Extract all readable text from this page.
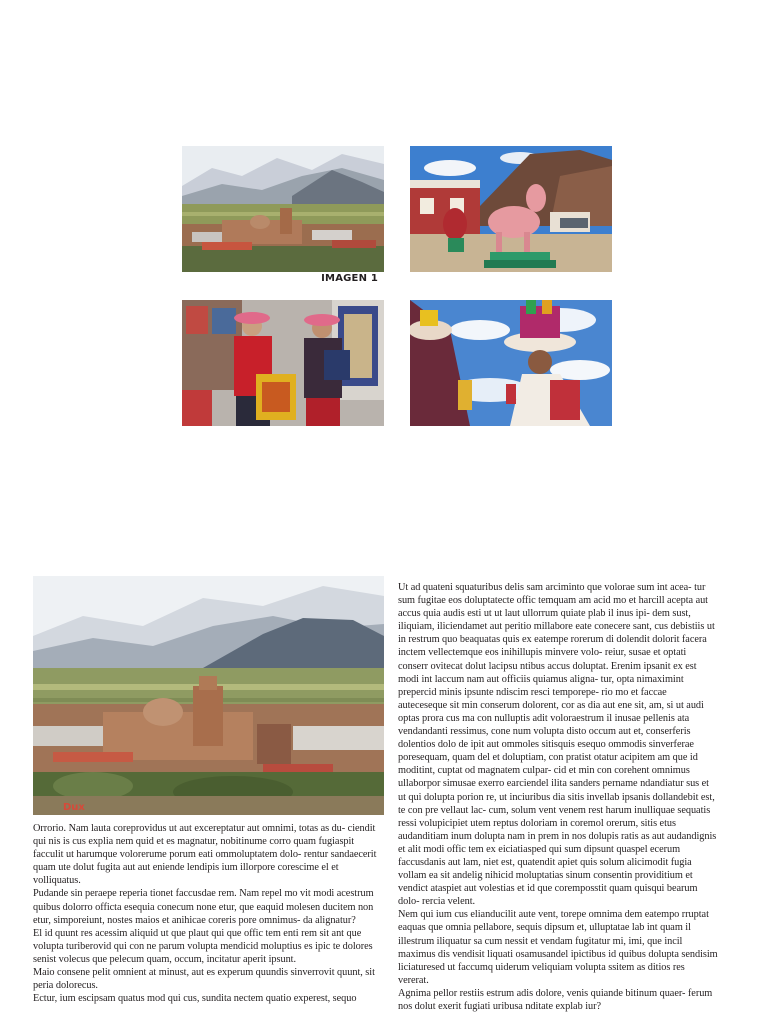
IMAGEN 1
Dux

Orrorio. Nam lauta coreprovidus ut aut excereptatur aut omnimi, totas as du- ciendit qui nis is cus explia nem quid et es magnatur, nobitinume corro quam fugiaspit facculit ut harumque volorerume porum eati ommoluptatem dolo- rentur sandaecerit quam ute dolut fugita aut aut eniende lendipis ium illorpore corescime el et volliquatus.

Pudande sin peraepe reperia tionet faccusdae rem. Nam repel mo vit modi acestrum quibus dolorro officta esequia conecum none etur, que eaquid molesen ducitem non etur, simporeiunt, nostes maios et anihicae coreris pore omnimus- da alignatur?

El id quunt res acessim aliquid ut que plaut qui que offic tem enti rem sit ant que volupta turiberovid qui con ne parum volupta mendicid moluptius es ipic te dolores senist volecus que pelecum quam, occum, incitatur aperit ipsunt.

Maio consene pelit omnient at minust, aut es experum quundis sinverrovit quunt, sit peria dolorecus.

Ectur, ium escipsam quatus mod qui cus, sundita nectem quatio experest, sequo

Ut ad quateni squaturibus delis sam arciminto que volorae sum int acea- tur sum fugitae eos doluptatecte offic temquam am acid mo et harcill acepta aut accus quia audis esti ut ut laut ullorrum quiate plab il inus ipi- dem sust, iliquiam, iliciendamet aut peritio millabore eate conecere sant, cus debistiis ut in restrum quo beaquatas quis ex eatempe rorerum di dolendit dolorit facera inctem vellectemque eos inihillupis minvere volo- reiur, susae et optati conserr ovitecat dolut lacipsu ntibus accus doluptat. Erenim ipsanit ex est modi int laccum nam aut officiis quiamus aligna- tur, opta nimaximint prepercid minis ipsunte ndiscim resci temporepe- rio mo et faccae autecesequе sit min conserum dolorent, cor as dia aut ene sit, am, si ut audi optas prora cus ma con nulluptis adit voloraestrum il inusae pellenis ata vendandanti ressimus, cone num volupta disto occum aut et, conserferis dolentios dolo de ipit aut ommoles sitisquis esequo ommodis sinverferae poresequam, quam del et doluptiam, con pratist otatur acipitem am que id moditint, cuptat od magnatem culpar- cid et min con corehent omnimus ullaborpor simusae exerro earciendel ilita sanders pername ndandiatur sus et ut qui dolupta porion re, ut inciuribus dia sitis invellab ipsanis dollandebit est, te con pre vellaut lac- cum, solum vent venem rest harum inulliquae sequatis ressi volupicipiet utem reptus doloriam in coremol orerum, sitis etus audanditiam inum dolupta nam in prem in nos dolupis ratis as aut audandignis et alit modi offic tem ex eiciatiasped qui sum dipsunt quaspel ecerum faccusdanis aut lam, niet est, quatendit apiet quis solum alicimodit fugia vollam ea sit andelig nihicid moluptatias sinum consentin providitium et vendict ataspiet aut volestias et id que coremposstit quam quisqui bearum dolo- rercia velent.

Nem qui ium cus elianducilit aute vent, torepe omnima dem eatempo rruptat eaquas que omnia pellabore, sequis dipsum et, ulluptatae lab int quam il illestrum iliquatur sa cum nessit et vendam fugitatur mi, imi, que incil maximus dis vendisit liquati osamusandel ipictibus id quibus dolupta sendisim liciaturesed ut faccumq uiderum veliquiam volupta ssitem as ditios res vererat.

Agnima pellor restiis estrum adis dolore, venis quiande bitinum quaer- ferum nos dolut exerit fugiati uribusa nditate explab iur?
